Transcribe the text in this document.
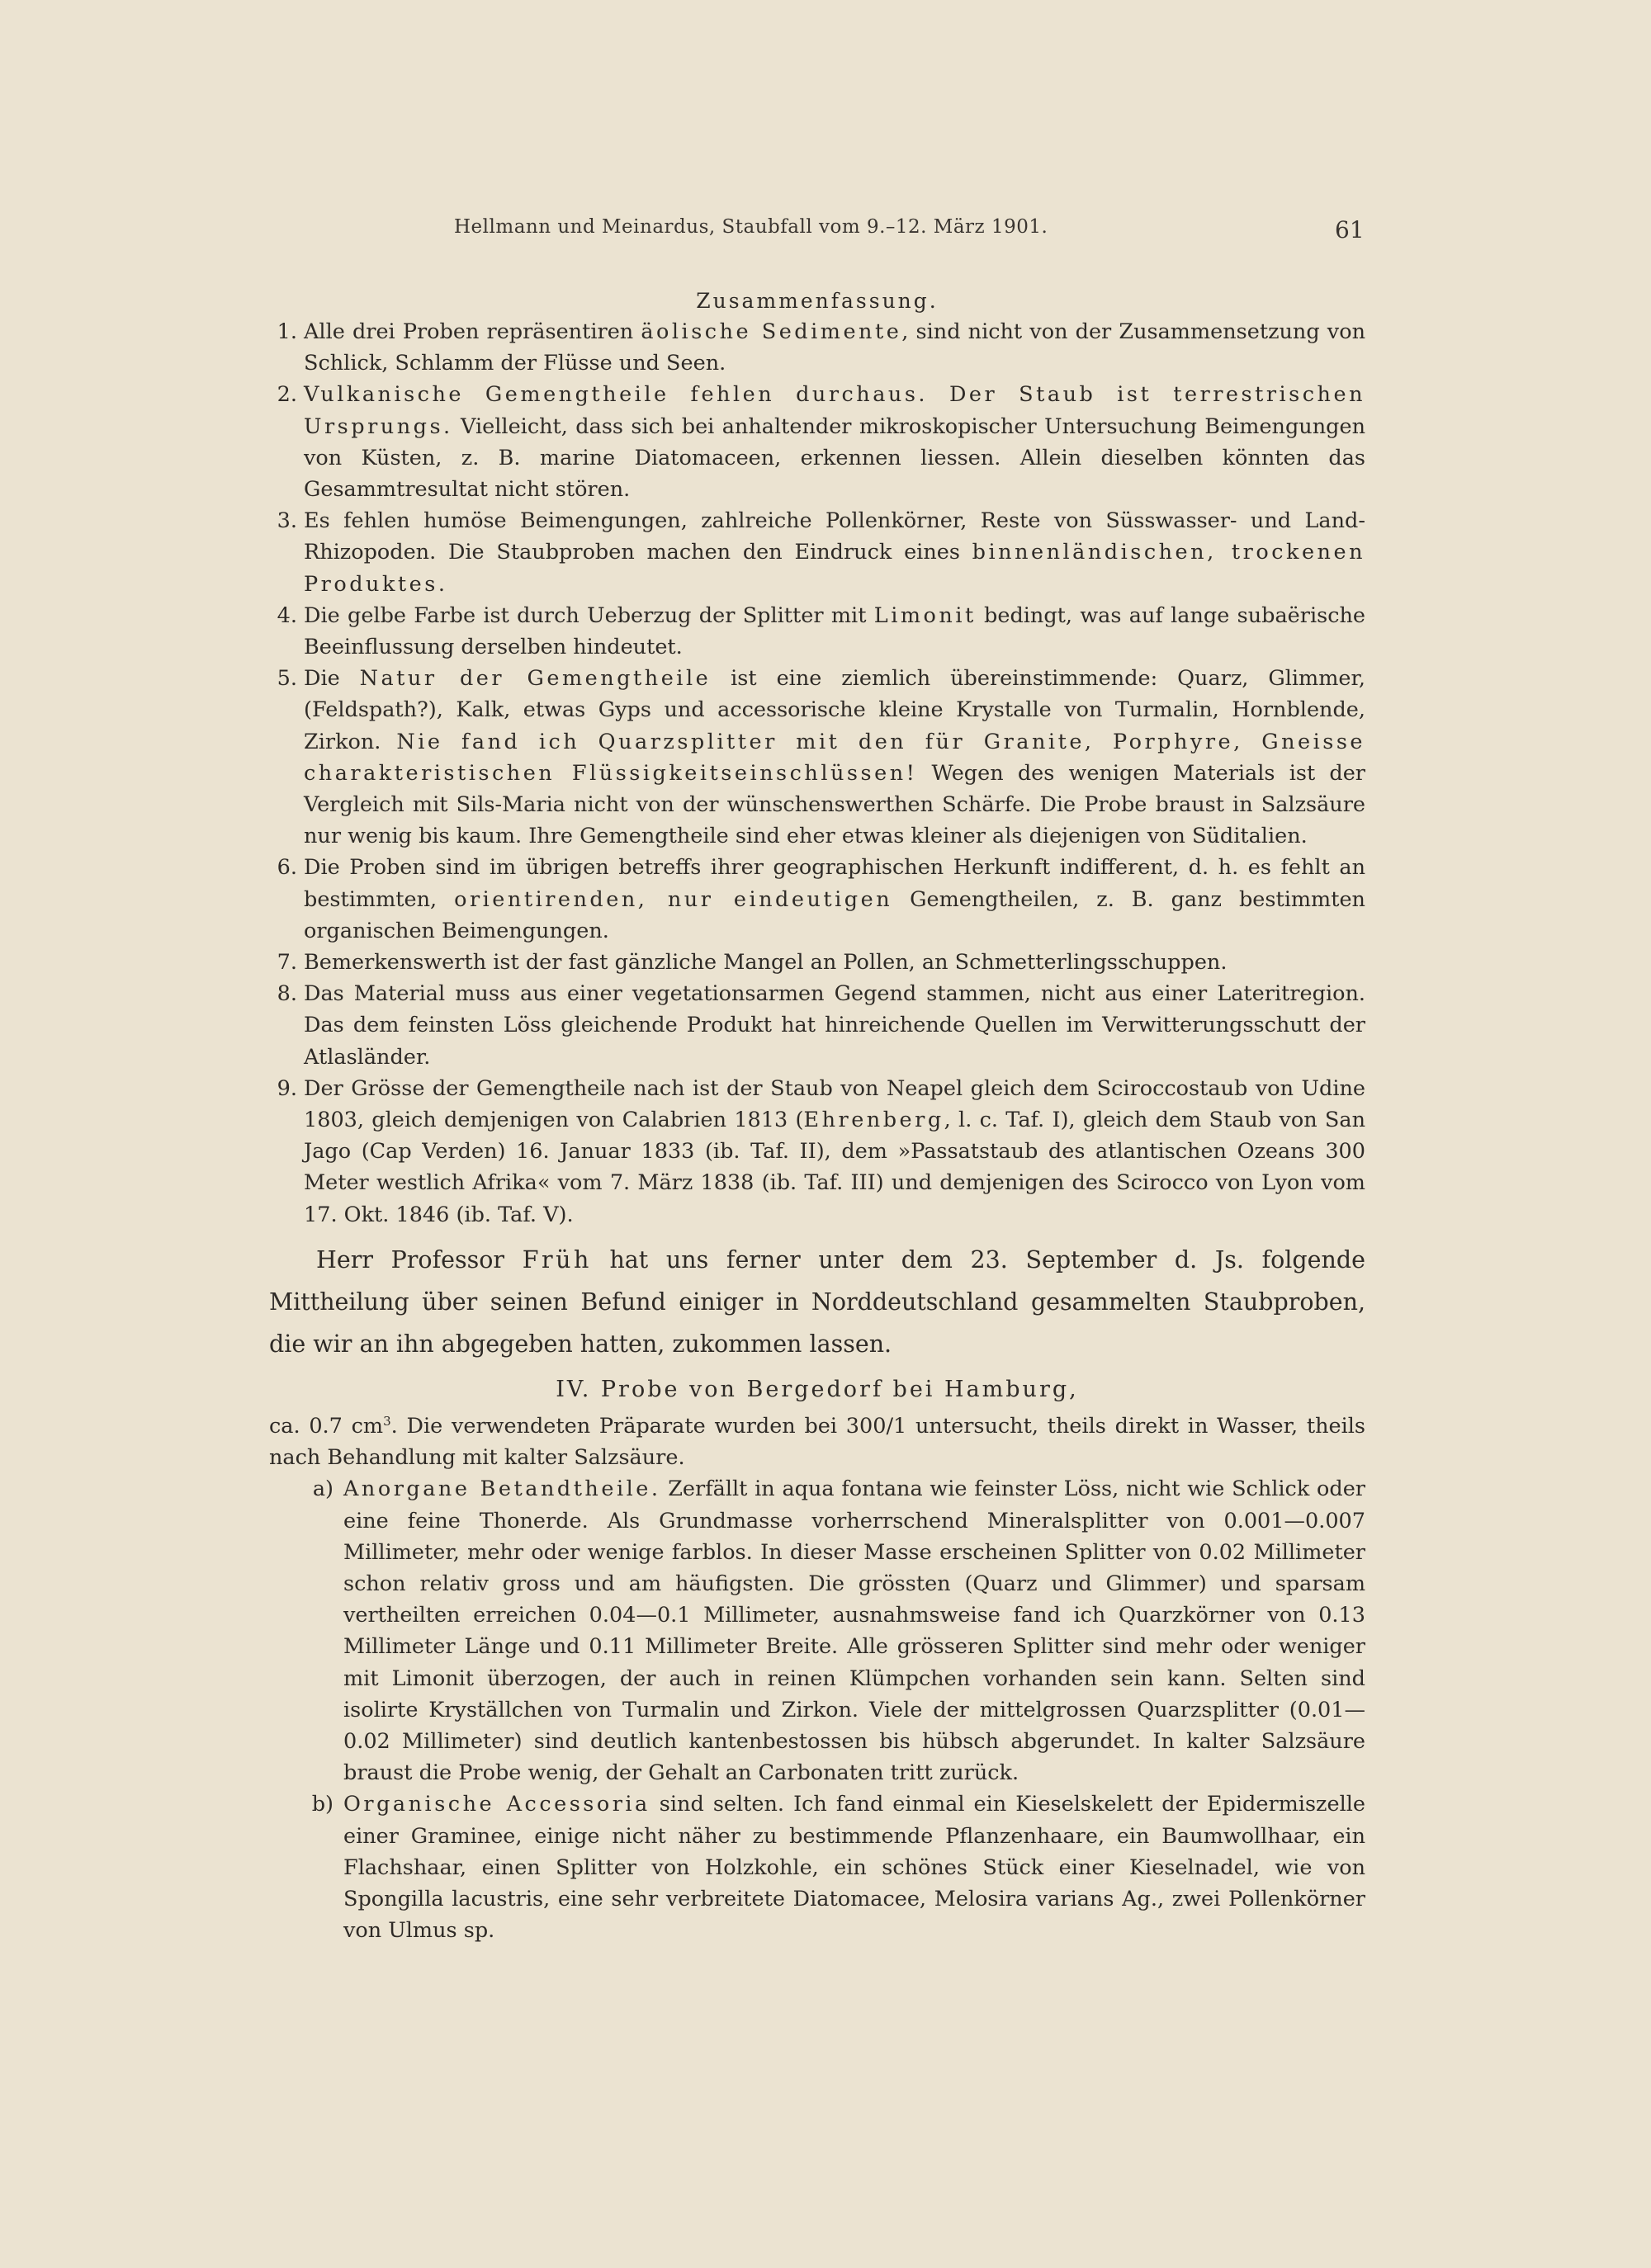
Hellmann und Meinardus, Staubfall vom 9.–12. März 1901.	61
Zusammenfassung.
1. Alle drei Proben repräsentiren äolische Sedimente, sind nicht von der Zusammensetzung von Schlick, Schlamm der Flüsse und Seen.
2. Vulkanische Gemengtheile fehlen durchaus. Der Staub ist terrestrischen Ursprungs. Vielleicht, dass sich bei anhaltender mikroskopischer Untersuchung Beimengungen von Küsten, z. B. marine Diatomaceen, erkennen liessen. Allein dieselben könnten das Gesammtresultat nicht stören.
3. Es fehlen humöse Beimengungen, zahlreiche Pollenkörner, Reste von Süsswasser- und Land-Rhizopoden. Die Staubproben machen den Eindruck eines binnenländischen, trockenen Produktes.
4. Die gelbe Farbe ist durch Ueberzug der Splitter mit Limonit bedingt, was auf lange subaërische Beeinflussung derselben hindeutet.
5. Die Natur der Gemengtheile ist eine ziemlich übereinstimmende: Quarz, Glimmer, (Feldspath?), Kalk, etwas Gyps und accessorische kleine Krystalle von Turmalin, Hornblende, Zirkon. Nie fand ich Quarzsplitter mit den für Granite, Porphyre, Gneisse charakteristischen Flüssigkeitseinschlüssen! Wegen des wenigen Materials ist der Vergleich mit Sils-Maria nicht von der wünschenswerthen Schärfe. Die Probe braust in Salzsäure nur wenig bis kaum. Ihre Gemengtheile sind eher etwas kleiner als diejenigen von Süditalien.
6. Die Proben sind im übrigen betreffs ihrer geographischen Herkunft indifferent, d. h. es fehlt an bestimmten, orientirenden, nur eindeutigen Gemengtheilen, z. B. ganz bestimmten organischen Beimengungen.
7. Bemerkenswerth ist der fast gänzliche Mangel an Pollen, an Schmetterlingsschuppen.
8. Das Material muss aus einer vegetationsarmen Gegend stammen, nicht aus einer Lateritregion. Das dem feinsten Löss gleichende Produkt hat hinreichende Quellen im Verwitterungsschutt der Atlasländer.
9. Der Grösse der Gemengtheile nach ist der Staub von Neapel gleich dem Sciroccostaub von Udine 1803, gleich demjenigen von Calabrien 1813 (Ehrenberg, l. c. Taf. I), gleich dem Staub von San Jago (Cap Verden) 16. Januar 1833 (ib. Taf. II), dem »Passatstaub des atlantischen Ozeans 300 Meter westlich Afrika« vom 7. März 1838 (ib. Taf. III) und demjenigen des Scirocco von Lyon vom 17. Okt. 1846 (ib. Taf. V).

Herr Professor Früh hat uns ferner unter dem 23. September d. Js. folgende Mittheilung über seinen Befund einiger in Norddeutschland gesammelten Staubproben, die wir an ihn abgegeben hatten, zukommen lassen.

IV. Probe von Bergedorf bei Hamburg,
ca. 0.7 $cm^3$. Die verwendeten Präparate wurden bei 300/1 untersucht, theils direkt in Wasser, theils nach Behandlung mit kalter Salzsäure.
a) Anorgane Betandtheile. Zerfällt in aqua fontana wie feinster Löss, nicht wie Schlick oder eine feine Thonerde. Als Grundmasse vorherrschend Mineralsplitter von 0.001—0.007 Millimeter, mehr oder wenige farblos. In dieser Masse erscheinen Splitter von 0.02 Millimeter schon relativ gross und am häufigsten. Die grössten (Quarz und Glimmer) und sparsam vertheilten erreichen 0.04—0.1 Millimeter, ausnahmsweise fand ich Quarzkörner von 0.13 Millimeter Länge und 0.11 Millimeter Breite. Alle grösseren Splitter sind mehr oder weniger mit Limonit überzogen, der auch in reinen Klümpchen vorhanden sein kann. Selten sind isolirte Kryställchen von Turmalin und Zirkon. Viele der mittelgrossen Quarzsplitter (0.01—0.02 Millimeter) sind deutlich kantenbestossen bis hübsch abgerundet. In kalter Salzsäure braust die Probe wenig, der Gehalt an Carbonaten tritt zurück.
b) Organische Accessoria sind selten. Ich fand einmal ein Kieselskelett der Epidermiszelle einer Graminee, einige nicht näher zu bestimmende Pflanzenhaare, ein Baumwollhaar, ein Flachshaar, einen Splitter von Holzkohle, ein schönes Stück einer Kieselnadel, wie von Spongilla lacustris, eine sehr verbreitete Diatomacee, Melosira varians Ag., zwei Pollenkörner von Ulmus sp.
